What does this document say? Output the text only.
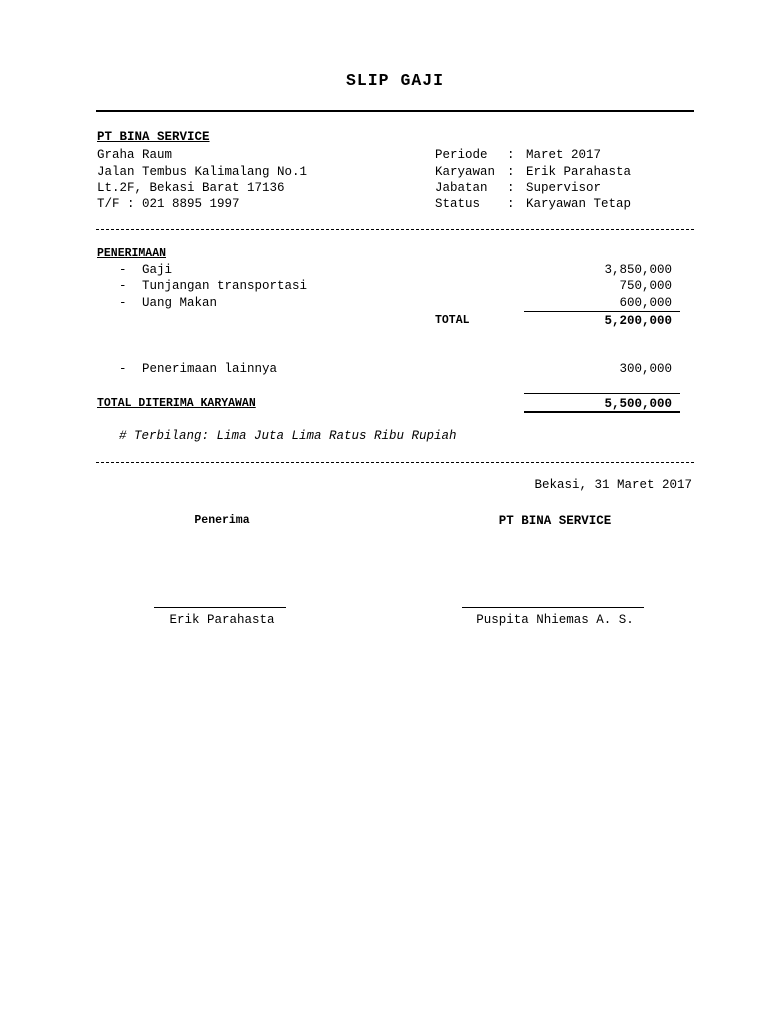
SLIP GAJI
PT BINA SERVICE
Graha Raum
Jalan Tembus Kalimalang No.1
Lt.2F, Bekasi Barat 17136
T/F : 021 8895 1997
Periode : Maret 2017
Karyawan : Erik Parahasta
Jabatan : Supervisor
Status : Karyawan Tetap
PENERIMAAN
- Gaji	3,850,000
- Tunjangan transportasi	750,000
- Uang Makan	600,000
TOTAL	5,200,000
- Penerimaan lainnya	300,000
TOTAL DITERIMA KARYAWAN	5,500,000
# Terbilang: Lima Juta Lima Ratus Ribu Rupiah
Bekasi, 31 Maret 2017
Penerima	PT BINA SERVICE
Erik Parahasta	Puspita Nhiemas A. S.
